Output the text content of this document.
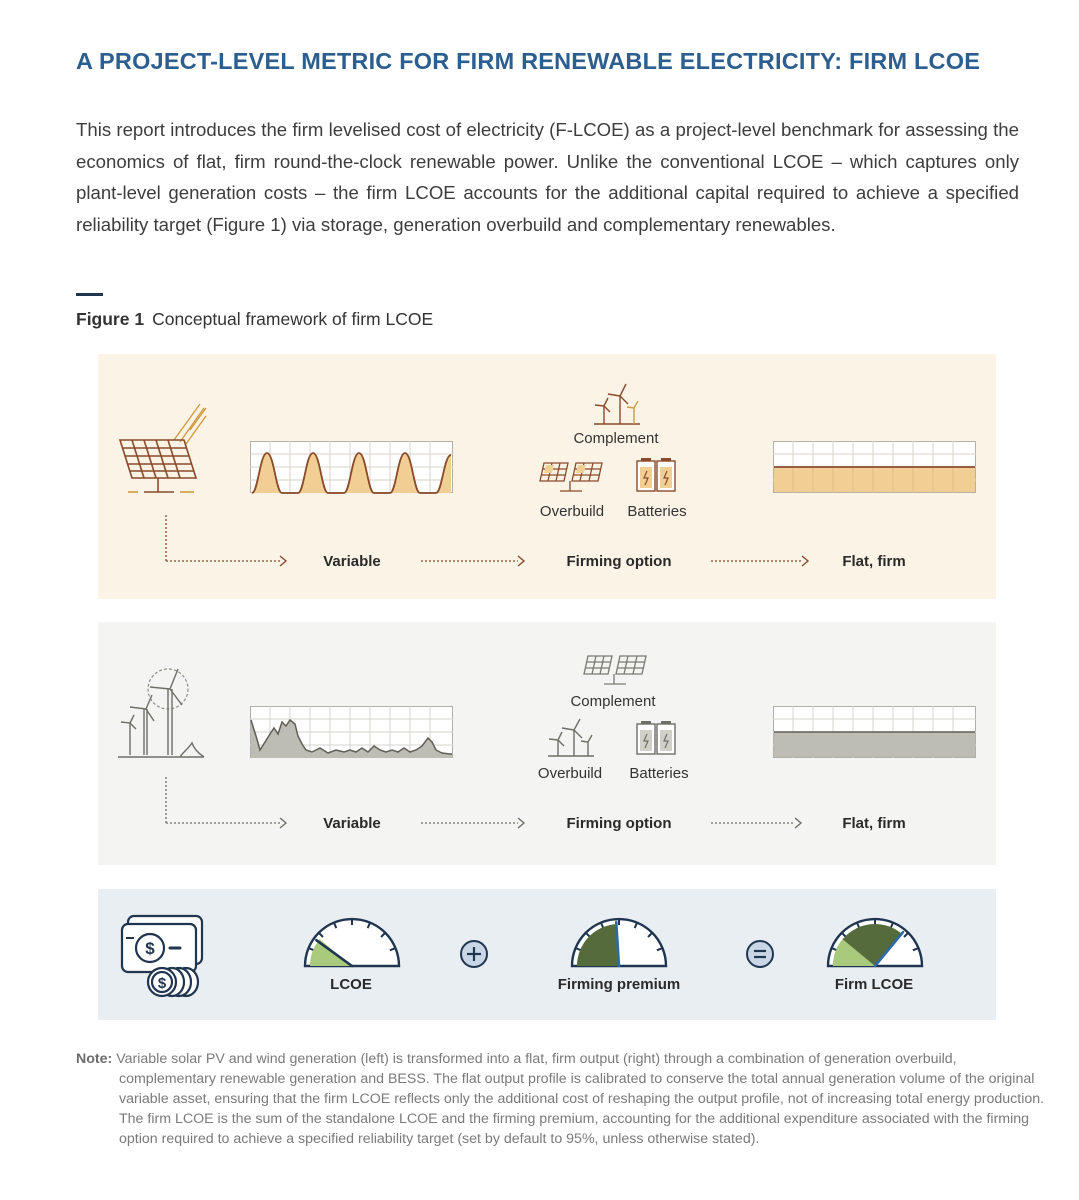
A PROJECT-LEVEL METRIC FOR FIRM RENEWABLE ELECTRICITY: FIRM LCOE
This report introduces the firm levelised cost of electricity (F-LCOE) as a project-level benchmark for assessing the economics of flat, firm round-the-clock renewable power. Unlike the conventional LCOE – which captures only plant-level generation costs – the firm LCOE accounts for the additional capital required to achieve a specified reliability target (Figure 1) via storage, generation overbuild and complementary renewables.
Figure 1 Conceptual framework of firm LCOE
Complement
Overbuild Batteries
Variable	Firming option	Flat, firm
Complement
Overbuild Batteries
Variable	Firming option	Flat, firm
$
$	LCOE	Firming premium	Firm LCOE
Note: Variable solar PV and wind generation (left) is transformed into a flat, firm output (right) through a combination of generation overbuild, complementary renewable generation and BESS. The flat output profile is calibrated to conserve the total annual generation volume of the original variable asset, ensuring that the firm LCOE reflects only the additional cost of reshaping the output profile, not of increasing total energy production. The firm LCOE is the sum of the standalone LCOE and the firming premium, accounting for the additional expenditure associated with the firming option required to achieve a specified reliability target (set by default to 95%, unless otherwise stated).
